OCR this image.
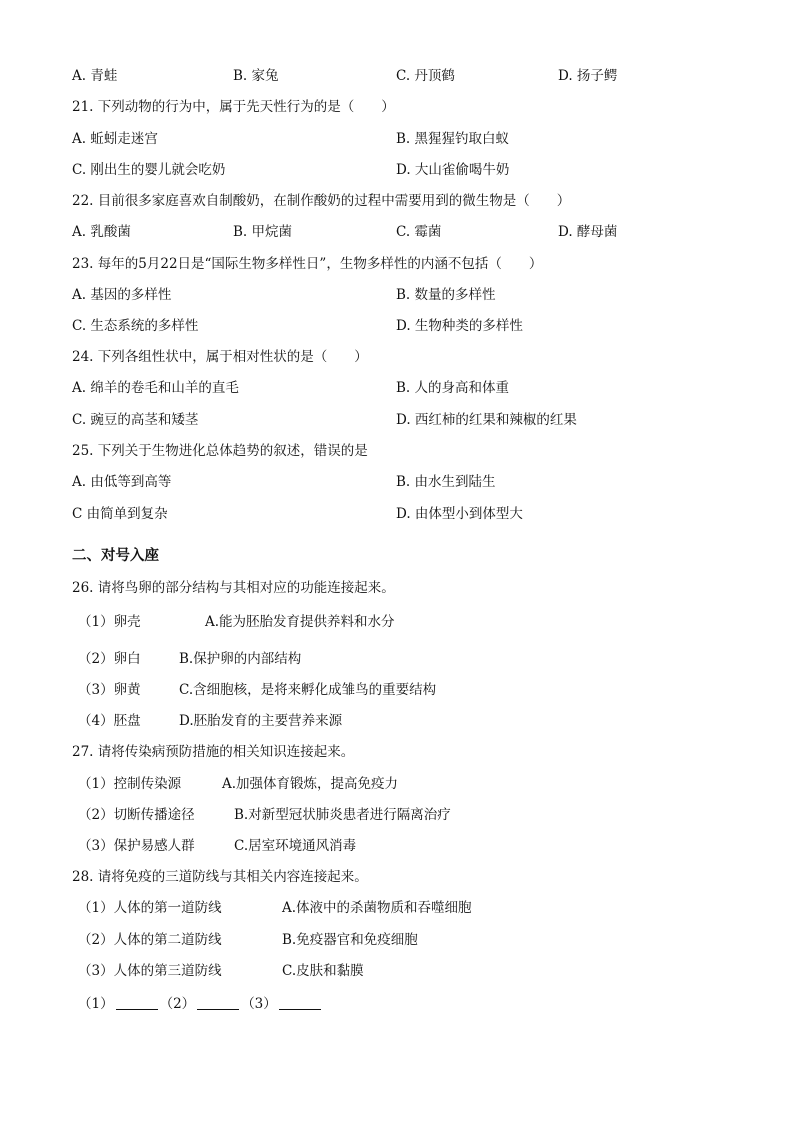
A. 青蛙	B. 家兔	C. 丹顶鹤	D. 扬子鳄
21. 下列动物的行为中，属于先天性行为的是（　　）
A. 蚯蚓走迷宫	B. 黑猩猩钓取白蚁
C. 刚出生的婴儿就会吃奶	D. 大山雀偷喝牛奶
22. 目前很多家庭喜欢自制酸奶，在制作酸奶的过程中需要用到的微生物是（　　）
A. 乳酸菌	B. 甲烷菌	C. 霉菌	D. 酵母菌
23. 每年的5月22日是“国际生物多样性日”，生物多样性的内涵不包括（　　）
A. 基因的多样性	B. 数量的多样性
C. 生态系统的多样性	D. 生物种类的多样性
24. 下列各组性状中，属于相对性状的是（　　）
A. 绵羊的卷毛和山羊的直毛	B. 人的身高和体重
C. 豌豆的高茎和矮茎	D. 西红柿的红果和辣椒的红果
25. 下列关于生物进化总体趋势的叙述，错误的是
A. 由低等到高等	B. 由水生到陆生
C 由简单到复杂	D. 由体型小到体型大
二、对号入座
26. 请将鸟卵的部分结构与其相对应的功能连接起来。
（1）卵壳	A.能为胚胎发育提供养料和水分
（2）卵白	B.保护卵的内部结构
（3）卵黄	C.含细胞核，是将来孵化成雏鸟的重要结构
（4）胚盘	D.胚胎发育的主要营养来源
27. 请将传染病预防措施的相关知识连接起来。
（1）控制传染源	A.加强体育锻炼，提高免疫力
（2）切断传播途径	B.对新型冠状肺炎患者进行隔离治疗
（3）保护易感人群	C.居室环境通风消毒
28. 请将免疫的三道防线与其相关内容连接起来。
（1）人体的第一道防线	A.体液中的杀菌物质和吞噬细胞
（2）人体的第二道防线	B.免疫器官和免疫细胞
（3）人体的第三道防线	C.皮肤和黏膜
（1）	（2）	（3）
